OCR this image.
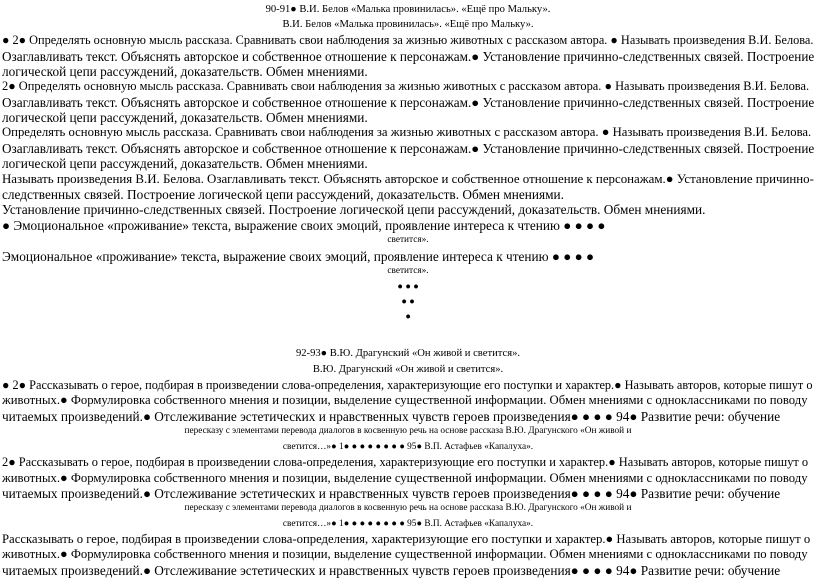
90-91● В.И. Белов «Малька провинилась». «Ещё про Мальку».
В.И. Белов «Малька провинилась». «Ещё про Мальку».
● 2● Определять основную мысль рассказа. Сравнивать свои наблюдения за жизнью животных с рассказом автора. ● Называть произведения В.И. Белова.
Озаглавливать текст. Объяснять авторское и собственное отношение к персонажам.● Установление причинно-следственных связей. Построение
логической цепи рассуждений, доказательств. Обмен мнениями.
2● Определять основную мысль рассказа. Сравнивать свои наблюдения за жизнью животных с рассказом автора. ● Называть произведения В.И. Белова.
Озаглавливать текст. Объяснять авторское и собственное отношение к персонажам.● Установление причинно-следственных связей. Построение
логической цепи рассуждений, доказательств. Обмен мнениями.
Определять основную мысль рассказа. Сравнивать свои наблюдения за жизнью животных с рассказом автора. ● Называть произведения В.И. Белова.
Озаглавливать текст. Объяснять авторское и собственное отношение к персонажам.● Установление причинно-следственных связей. Построение
логической цепи рассуждений, доказательств. Обмен мнениями.
Называть произведения В.И. Белова. Озаглавливать текст. Объяснять авторское и собственное отношение к персонажам.● Установление причинно-
следственных связей. Построение логической цепи рассуждений, доказательств. Обмен мнениями.
Установление причинно-следственных связей. Построение логической цепи рассуждений, доказательств. Обмен мнениями.
● Эмоциональное «проживание» текста, выражение своих эмоций, проявление интереса к чтению ● ● ● ●
светится».
Эмоциональное «проживание» текста, выражение своих эмоций, проявление интереса к чтению ● ● ● ●
светится».
● ● ●
● ●
●
92-93● В.Ю. Драгунский «Он живой и светится».
В.Ю. Драгунский «Он живой и светится».
● 2● Рассказывать о герое, подбирая в произведении слова-определения, характеризующие его поступки и характер.● Называть авторов, которые пишут о
животных.● Формулировка собственного мнения и позиции, выделение существенной информации. Обмен мнениями с одноклассниками по поводу
читаемых произведений.● Отслеживание эстетических и нравственных чувств героев произведения● ● ● ● 94● Развитие речи: обучение
пересказу с элементами перевода диалогов в косвенную речь на основе рассказа В.Ю. Драгунского «Он живой и
светится…»● 1● ● ● ● ● ● ● ● 95● В.П. Астафьев «Капалуха».
2● Рассказывать о герое, подбирая в произведении слова-определения, характеризующие его поступки и характер.● Называть авторов, которые пишут о
животных.● Формулировка собственного мнения и позиции, выделение существенной информации. Обмен мнениями с одноклассниками по поводу
читаемых произведений.● Отслеживание эстетических и нравственных чувств героев произведения● ● ● ● 94● Развитие речи: обучение
пересказу с элементами перевода диалогов в косвенную речь на основе рассказа В.Ю. Драгунского «Он живой и
светится…»● 1● ● ● ● ● ● ● ● 95● В.П. Астафьев «Капалуха».
Рассказывать о герое, подбирая в произведении слова-определения, характеризующие его поступки и характер.● Называть авторов, которые пишут о
животных.● Формулировка собственного мнения и позиции, выделение существенной информации. Обмен мнениями с одноклассниками по поводу
читаемых произведений.● Отслеживание эстетических и нравственных чувств героев произведения● ● ● ● 94● Развитие речи: обучение
